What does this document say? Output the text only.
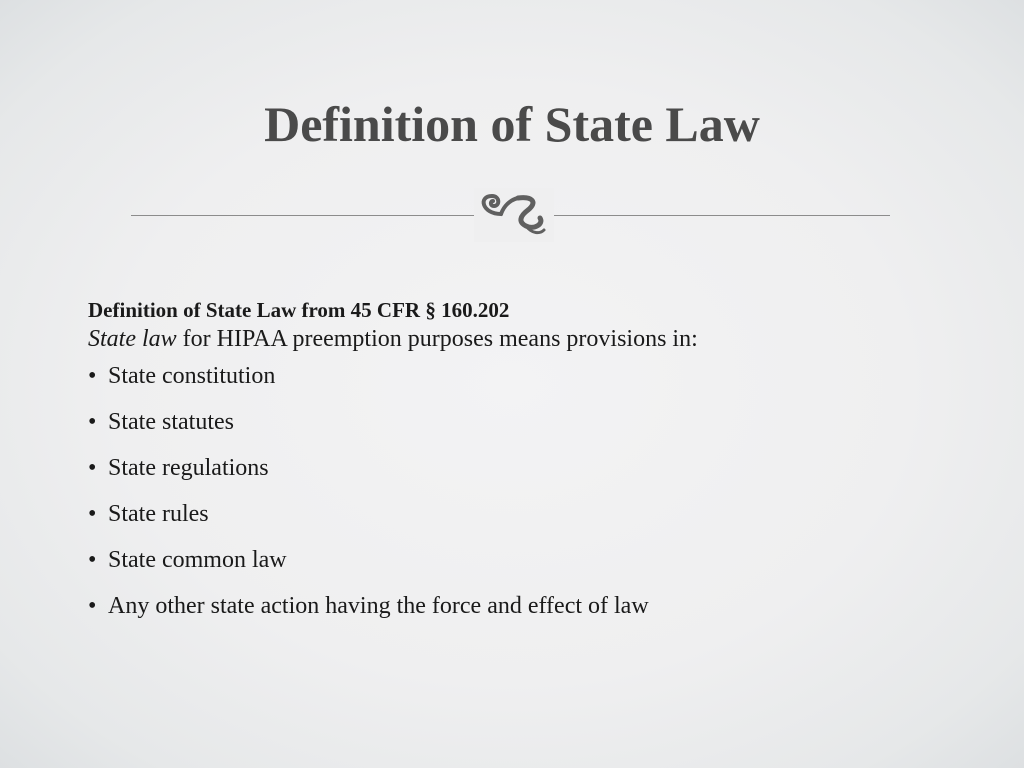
Definition of State Law

Definition of State Law from 45 CFR § 160.202

State law for HIPAA preemption purposes means provisions in:

• State constitution
• State statutes
• State regulations
• State rules
• State common law
• Any other state action having the force and effect of law
